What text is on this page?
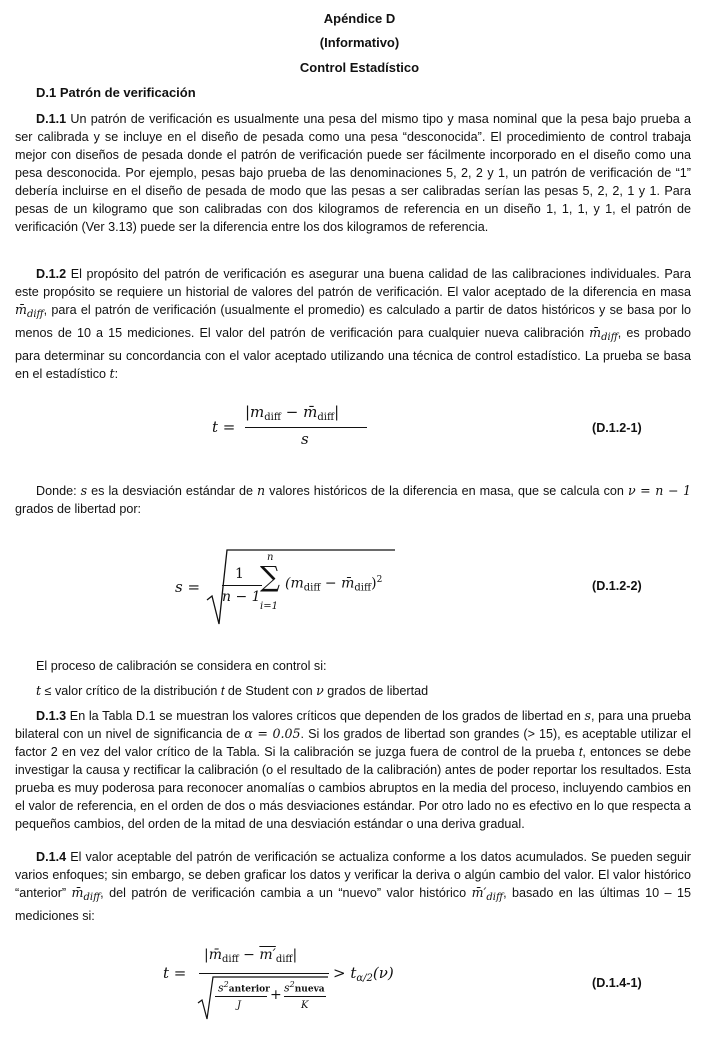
Apéndice D
(Informativo)
Control Estadístico
D.1 Patrón de verificación

D.1.1 Un patrón de verificación es usualmente una pesa del mismo tipo y masa nominal que la pesa bajo prueba a ser calibrada y se incluye en el diseño de pesada como una pesa “desconocida”. El procedimiento de control trabaja mejor con diseños de pesada donde el patrón de verificación puede ser fácilmente incorporado en el diseño como una pesa desconocida. Por ejemplo, pesas bajo prueba de las denominaciones 5, 2, 2 y 1, un patrón de verificación de “1” debería incluirse en el diseño de pesada de modo que las pesas a ser calibradas serían las pesas 5, 2, 2, 1 y 1. Para pesas de un kilogramo que son calibradas con dos kilogramos de referencia en un diseño 1, 1, 1, y 1, el patrón de verificación (Ver 3.13) puede ser la diferencia entre los dos kilogramos de referencia.

D.1.2 El propósito del patrón de verificación es asegurar una buena calidad de las calibraciones individuales. Para este propósito se requiere un historial de valores del patrón de verificación. El valor aceptado de la diferencia en masa $m̄_{diff}$, para el patrón de verificación (usualmente el promedio) es calculado a partir de datos históricos y se basa por lo menos de 10 a 15 mediciones. El valor del patrón de verificación para cualquier nueva calibración $m̄_{diff}$, es probado para determinar su concordancia con el valor aceptado utilizando una técnica de control estadístico. La prueba se basa en el estadístico t:

t =
$|m_{diff}$ − $m̄_{diff}|$
s
(D.1.2-1)

Donde: s es la desviación estándar de n valores históricos de la diferencia en masa, que se calcula con ν = n − 1 grados de libertad por:

s =
1
n − 1
n
∑
i=1
($m_{diff}$ − $m̄_{diff})^2$	(D.1.2-2)
El proceso de calibración se considera en control si:
t ≤ valor crítico de la distribución t de Student con ν grados de libertad

D.1.3 En la Tabla D.1 se muestran los valores críticos que dependen de los grados de libertad en s, para una prueba bilateral con un nivel de significancia de α = 0.05. Si los grados de libertad son grandes (> 15), es aceptable utilizar el factor 2 en vez del valor crítico de la Tabla. Si la calibración se juzga fuera de control de la prueba t, entonces se debe investigar la causa y rectificar la calibración (o el resultado de la calibración) antes de poder reportar los resultados. Esta prueba es muy poderosa para reconocer anomalías o cambios abruptos en la media del proceso, incluyendo cambios en el valor de referencia, en el orden de dos o más desviaciones estándar. Por otro lado no es efectivo en lo que respecta a pequeños cambios, del orden de la mitad de una desviación estándar o una deriva gradual.

D.1.4 El valor aceptable del patrón de verificación se actualiza conforme a los datos acumulados. Se pueden seguir varios enfoques; sin embargo, se deben graficar los datos y verificar la deriva o algún cambio del valor. El valor histórico “anterior” $m̄_{diff}$, del patrón de verificación cambia a un “nuevo” valor histórico $m̄'_{diff}$, basado en las últimas 10 – 15 mediciones si:

t =
$|m̄_{diff} - m'_{diff}|$
$s^2anterior$
J
+ $s^2nueva$
K
> $t_{\alpha/2}(\nu)$
(D.1.4-1)
